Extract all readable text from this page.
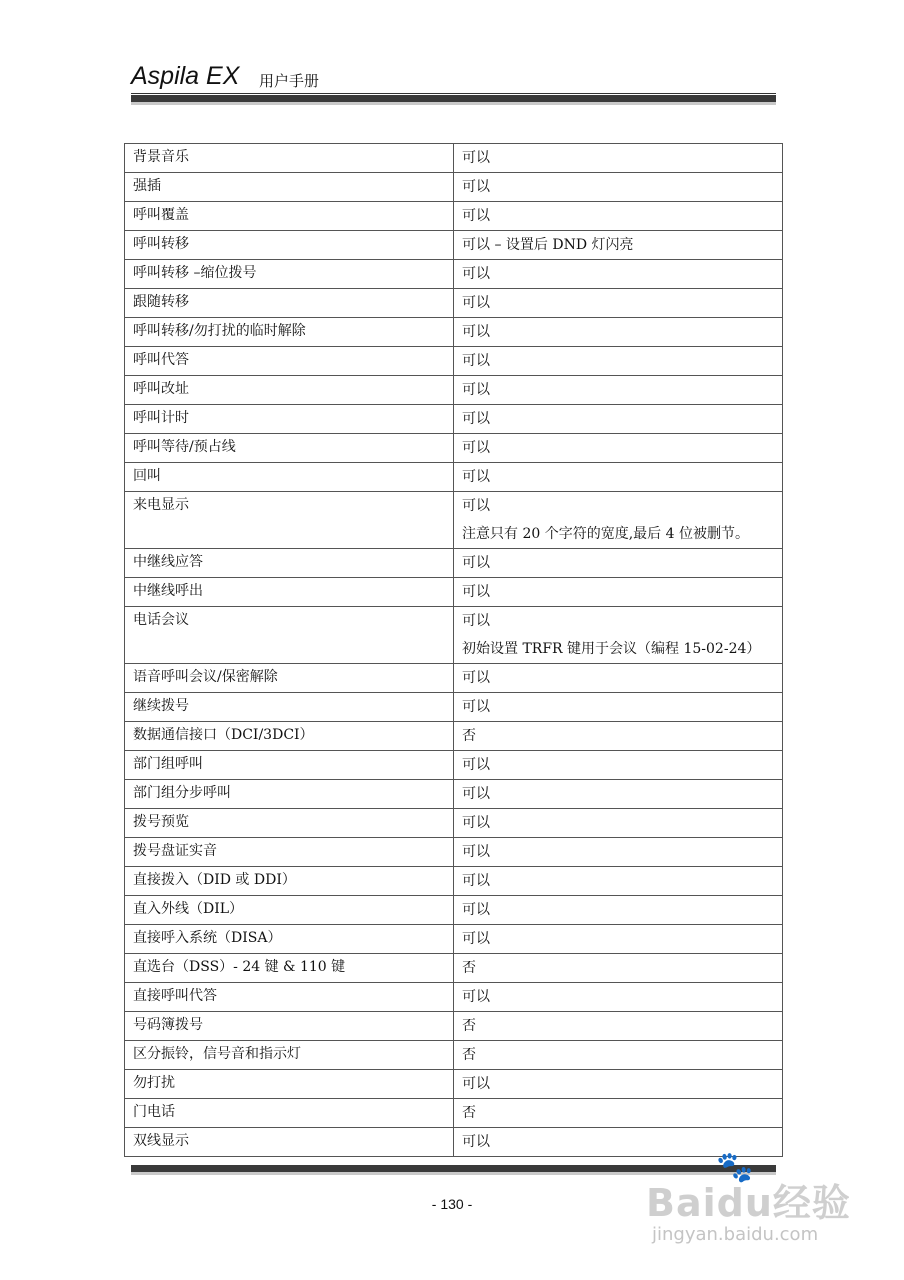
Aspila EX 用户手册
背景音乐	可以

强插	可以

呼叫覆盖	可以

呼叫转移	可以 – 设置后 DND 灯闪亮

呼叫转移 –缩位拨号	可以

跟随转移	可以

呼叫转移/勿打扰的临时解除	可以

呼叫代答	可以

呼叫改址	可以

呼叫计时	可以

呼叫等待/预占线	可以

回叫	可以

来电显示	可以
注意只有 20 个字符的宽度,最后 4 位被删节。

中继线应答	可以

中继线呼出	可以

电话会议	可以
初始设置 TRFR 键用于会议（编程 15-02-24）

语音呼叫会议/保密解除	可以

继续拨号	可以

数据通信接口（DCI/3DCI）	否

部门组呼叫	可以

部门组分步呼叫	可以

拨号预览	可以

拨号盘证实音	可以

直接拨入（DID 或 DDI）	可以

直入外线（DIL）	可以

直接呼入系统（DISA）	可以

直选台（DSS）- 24 键 & 110 键	否

直接呼叫代答	可以

号码簿拨号	否

区分振铃，信号音和指示灯	否

勿打扰	可以

门电话	否

双线显示	可以
- 130 -
🐾
Baidu经验
jingyan.baidu.com
